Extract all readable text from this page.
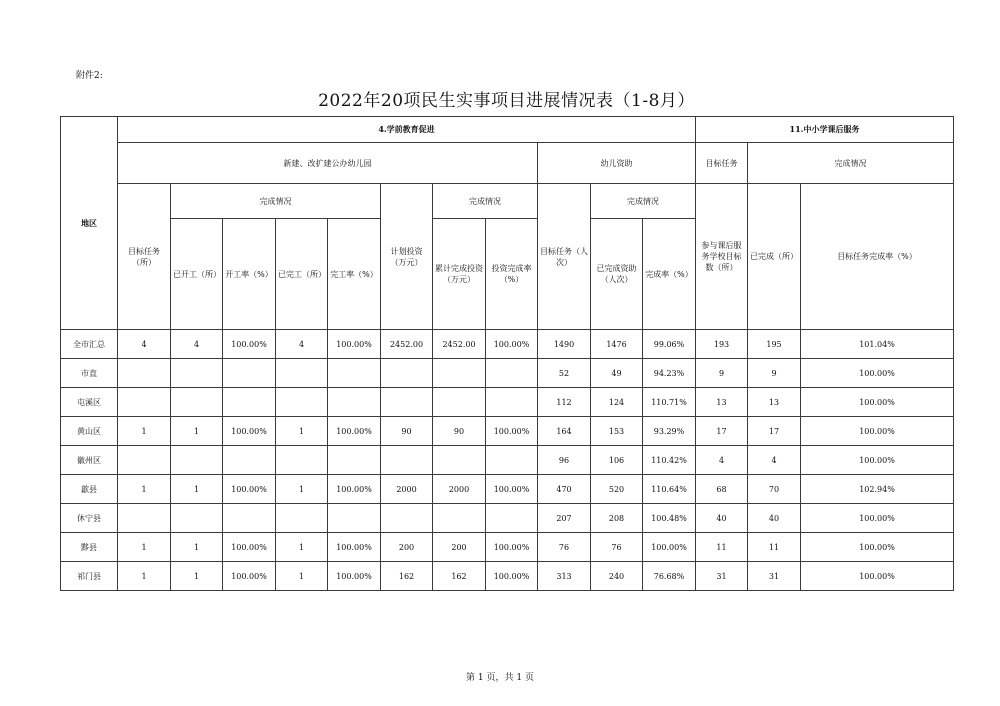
附件2:
2022年20项民生实事项目进展情况表（1-8月）
地区	4.学前教育促进											11.中小学课后服务		
	新建、改扩建公办幼儿园								幼儿资助			目标任务	完成情况	
	目标任务（所）	完成情况				计划投资（万元）	完成情况		目标任务（人次）	完成情况		参与课后服务学校目标数（所）	已完成（所）	目标任务完成率（%）
		已开工（所）	开工率（%）	已完工（所）	完工率（%）		累计完成投资（万元）	投资完成率（%）		已完成资助（人次）	完成率（%）			
全市汇总	4	4	100.00%	4	100.00%	2452.00	2452.00	100.00%	1490	1476	99.06%	193	195	101.04%
市直									52	49	94.23%	9	9	100.00%
屯溪区									112	124	110.71%	13	13	100.00%
黄山区	1	1	100.00%	1	100.00%	90	90	100.00%	164	153	93.29%	17	17	100.00%
徽州区									96	106	110.42%	4	4	100.00%
歙县	1	1	100.00%	1	100.00%	2000	2000	100.00%	470	520	110.64%	68	70	102.94%
休宁县									207	208	100.48%	40	40	100.00%
黟县	1	1	100.00%	1	100.00%	200	200	100.00%	76	76	100.00%	11	11	100.00%
祁门县	1	1	100.00%	1	100.00%	162	162	100.00%	313	240	76.68%	31	31	100.00%
第 1 页，共 1 页
